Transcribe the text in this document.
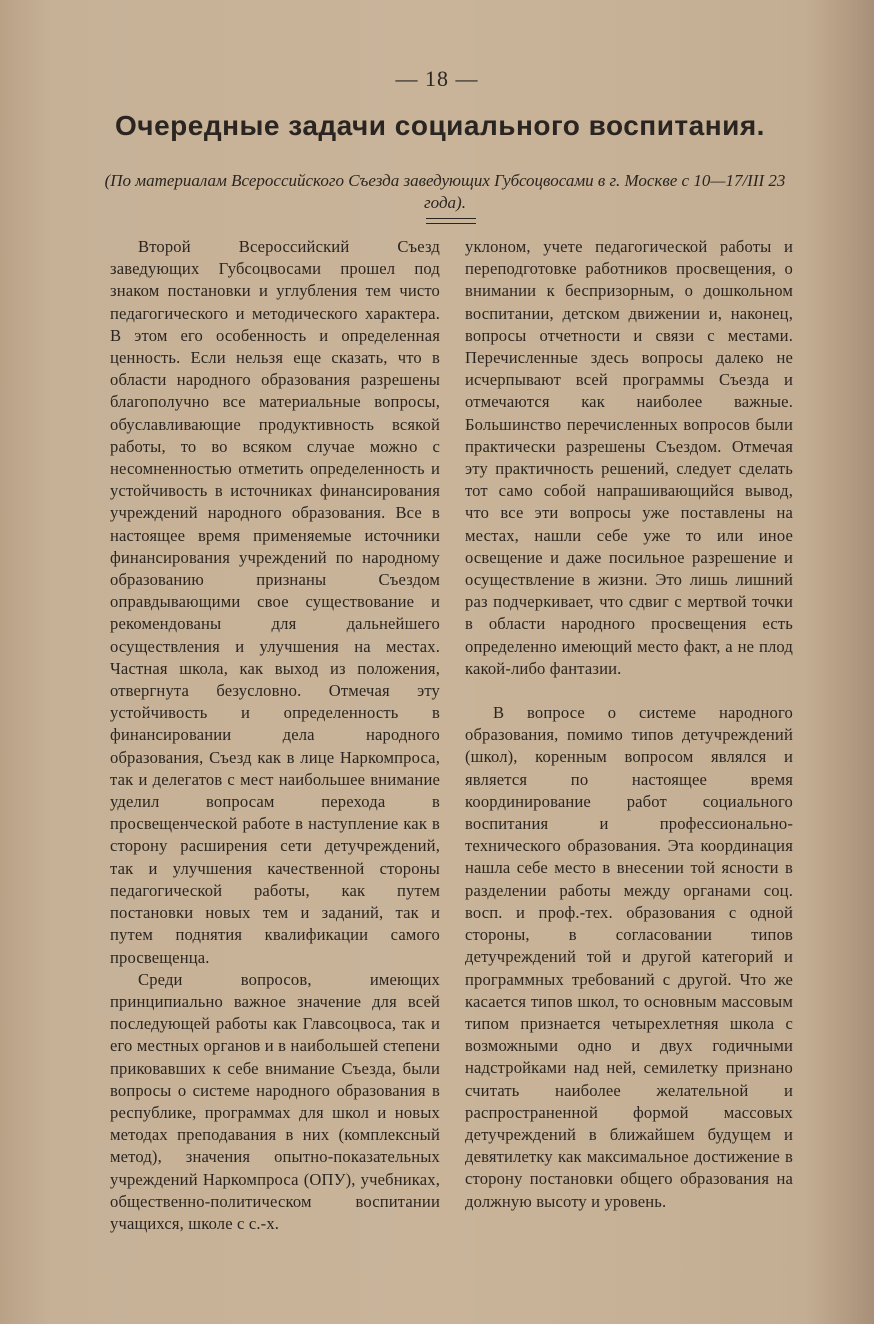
— 18 —
Очередные задачи социального воспитания.
(По материалам Всероссийского Съезда заведующих Губсоцвосами в г. Москве с 10—17/III 23 года).

Второй Всероссийский Съезд заведующих Губсоцвосами прошел под знаком постановки и углубления тем чисто педагогического и методического характера. В этом его особенность и определенная ценность. Если нельзя еще сказать, что в области народного образования разрешены благополучно все материальные вопросы, обуславливающие продуктивность всякой работы, то во всяком случае можно с несомненностью отметить определенность и устойчивость в источниках финансирования учреждений народного образования. Все в настоящее время применяемые источники финансирования учреждений по народному образованию признаны Съездом оправдывающими свое существование и рекомендованы для дальнейшего осуществления и улучшения на местах. Частная школа, как выход из положения, отвергнута безусловно. Отмечая эту устойчивость и определенность в финансировании дела народного образования, Съезд как в лице Наркомпроса, так и делегатов с мест наибольшее внимание уделил вопросам перехода в просвещенческой работе в наступление как в сторону расширения сети детучреждений, так и улучшения качественной стороны педагогической работы, как путем постановки новых тем и заданий, так и путем поднятия квалификации самого просвещенца.

Среди вопросов, имеющих принципиально важное значение для всей последующей работы как Главсоцвоса, так и его местных органов и в наибольшей степени приковавших к себе внимание Съезда, были вопросы о системе народного образования в республике, программах для школ и новых методах преподавания в них (комплексный метод), значения опытно-показательных учреждений Наркомпроса (ОПУ), учебниках, общественно-политическом воспитании учащихся, школе с с.-х.

уклоном, учете педагогической работы и переподготовке работников просвещения, о внимании к беспризорным, о дошкольном воспитании, детском движении и, наконец, вопросы отчетности и связи с местами. Перечисленные здесь вопросы далеко не исчерпывают всей программы Съезда и отмечаются как наиболее важные. Большинство перечисленных вопросов были практически разрешены Съездом. Отмечая эту практичность решений, следует сделать тот само собой напрашивающийся вывод, что все эти вопросы уже поставлены на местах, нашли себе уже то или иное освещение и даже посильное разрешение и осуществление в жизни. Это лишь лишний раз подчеркивает, что сдвиг с мертвой точки в области народного просвещения есть определенно имеющий место факт, а не плод какой-либо фантазии.

В вопросе о системе народного образования, помимо типов детучреждений (школ), коренным вопросом являлся и является по настоящее время координирование работ социального воспитания и профессионально-технического образования. Эта координация нашла себе место в внесении той ясности в разделении работы между органами соц. восп. и проф.-тех. образования с одной стороны, в согласовании типов детучреждений той и другой категорий и программных требований с другой. Что же касается типов школ, то основным массовым типом признается четырехлетняя школа с возможными одно и двух годичными надстройками над ней, семилетку признано считать наиболее желательной и распространенной формой массовых детучреждений в ближайшем будущем и девятилетку как максимальное достижение в сторону постановки общего образования на должную высоту и уровень.
